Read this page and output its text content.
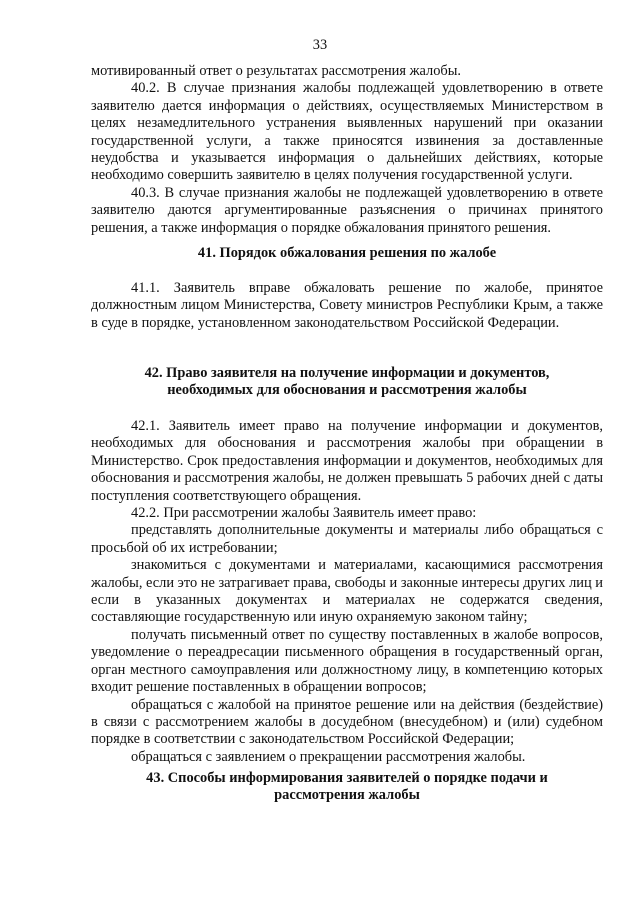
33

мотивированный ответ о результатах рассмотрения жалобы.

40.2. В случае признания жалобы подлежащей удовлетворению в ответе заявителю дается информация о действиях, осуществляемых Министерством в целях незамедлительного устранения выявленных нарушений при оказании государственной услуги, а также приносятся извинения за доставленные неудобства и указывается информация о дальнейших действиях, которые необходимо совершить заявителю в целях получения государственной услуги.

40.3. В случае признания жалобы не подлежащей удовлетворению в ответе заявителю даются аргументированные разъяснения о причинах принятого решения, а также информация о порядке обжалования принятого решения.

41. Порядок обжалования решения по жалобе

41.1. Заявитель вправе обжаловать решение по жалобе, принятое должностным лицом Министерства, Совету министров Республики Крым, а также в суде в порядке, установленном законодательством Российской Федерации.

42. Право заявителя на получение информации и документов,
необходимых для обоснования и рассмотрения жалобы

42.1. Заявитель имеет право на получение информации и документов, необходимых для обоснования и рассмотрения жалобы при обращении в Министерство. Срок предоставления информации и документов, необходимых для обоснования и рассмотрения жалобы, не должен превышать 5 рабочих дней с даты поступления соответствующего обращения.

42.2. При рассмотрении жалобы Заявитель имеет право:

представлять дополнительные документы и материалы либо обращаться с просьбой об их истребовании;

знакомиться с документами и материалами, касающимися рассмотрения жалобы, если это не затрагивает права, свободы и законные интересы других лиц и если в указанных документах и материалах не содержатся сведения, составляющие государственную или иную охраняемую законом тайну;

получать письменный ответ по существу поставленных в жалобе вопросов, уведомление о переадресации письменного обращения в государственный орган, орган местного самоуправления или должностному лицу, в компетенцию которых входит решение поставленных в обращении вопросов;

обращаться с жалобой на принятое решение или на действия (бездействие) в связи с рассмотрением жалобы в досудебном (внесудебном) и (или) судебном порядке в соответствии с законодательством Российской Федерации;

обращаться с заявлением о прекращении рассмотрения жалобы.

43. Способы информирования заявителей о порядке подачи и
рассмотрения жалобы
